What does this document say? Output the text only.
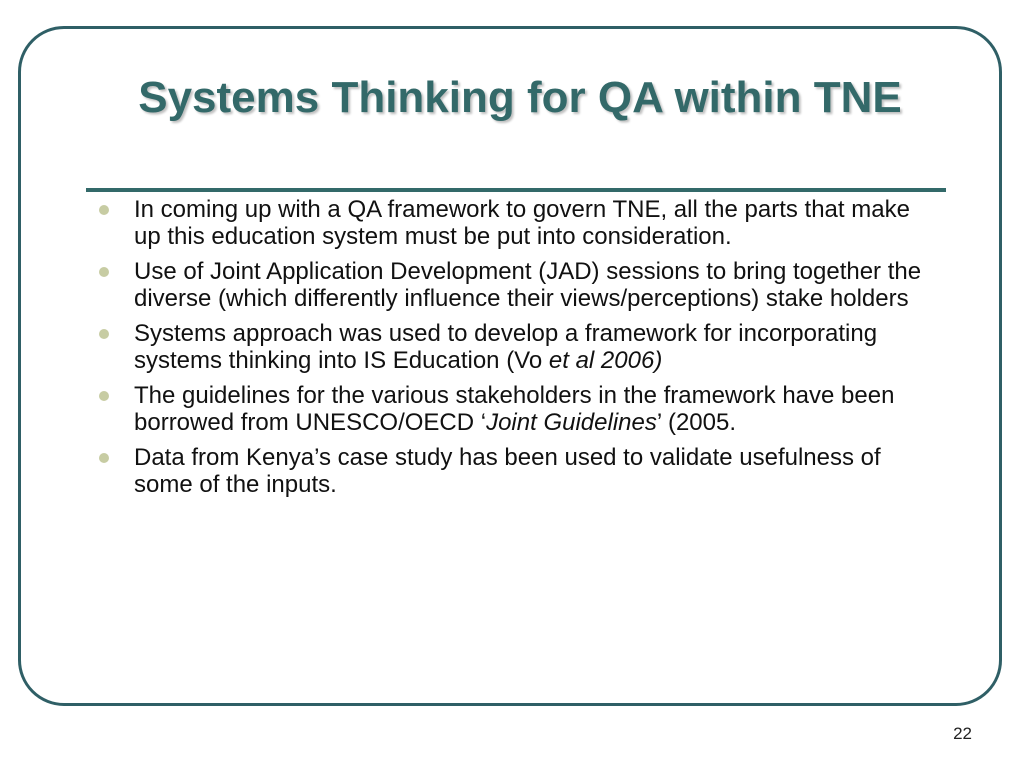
Systems Thinking for QA within TNE
In coming up with a QA framework to govern TNE, all the parts that make up this education system must be put into consideration.
Use of Joint Application Development (JAD) sessions to bring together the diverse (which differently influence their views/perceptions) stake holders
Systems approach was used to develop a framework for incorporating systems thinking into IS Education (Vo et al 2006)
The guidelines for the various stakeholders in the framework have been borrowed from UNESCO/OECD ‘Joint Guidelines’ (2005.
Data from Kenya’s case study has been used to validate usefulness of some of the inputs.
22
